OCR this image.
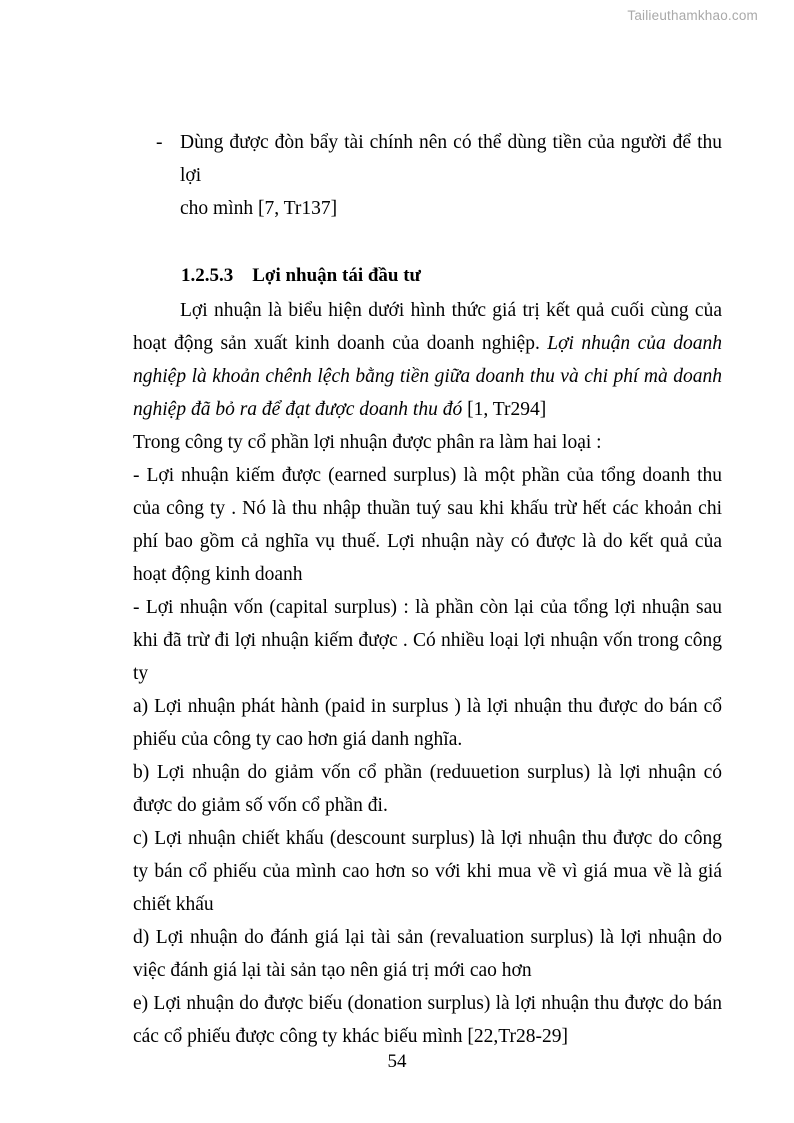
Tailieuthamkhao.com
- Dùng được đòn bẩy tài chính nên có thể dùng tiền của người để thu lợi
cho mình [7, Tr137]
1.2.5.3    Lợi nhuận tái đầu tư

Lợi nhuận là biểu hiện dưới hình thức giá trị kết quả cuối cùng của hoạt động sản xuất kinh doanh của doanh nghiệp. Lợi nhuận của doanh nghiệp là khoản chênh lệch bằng tiền giữa doanh thu và chi phí mà doanh nghiệp đã bỏ ra để đạt được doanh thu đó [1, Tr294]

Trong công ty cổ phần lợi nhuận được phân ra làm hai loại :

- Lợi nhuận kiếm được (earned surplus) là một phần của tổng doanh thu của công ty . Nó là thu nhập thuần tuý sau khi khấu trừ hết các khoản chi phí bao gồm cả nghĩa vụ thuế. Lợi nhuận này có được là do kết quả của hoạt động kinh doanh

- Lợi nhuận vốn (capital surplus) : là phần còn lại của tổng lợi nhuận sau khi đã trừ đi lợi nhuận kiếm được . Có nhiều loại lợi nhuận vốn trong công ty

a) Lợi nhuận phát hành (paid in surplus ) là lợi nhuận thu được do bán cổ phiếu của công ty cao hơn giá danh nghĩa.

b) Lợi nhuận do giảm vốn cổ phần (reduuetion surplus) là lợi nhuận có được do giảm số vốn cổ phần đi.

c) Lợi nhuận chiết khấu (descount surplus) là lợi nhuận thu được do công ty bán cổ phiếu của mình cao hơn so với khi mua về vì giá mua về là giá chiết khấu

d) Lợi nhuận do đánh giá lại tài sản (revaluation surplus) là lợi nhuận do việc đánh giá lại tài sản tạo nên giá trị mới cao hơn

e) Lợi nhuận do được biếu (donation surplus) là lợi nhuận thu được do bán các cổ phiếu được công ty khác biếu mình [22,Tr28-29]

54
